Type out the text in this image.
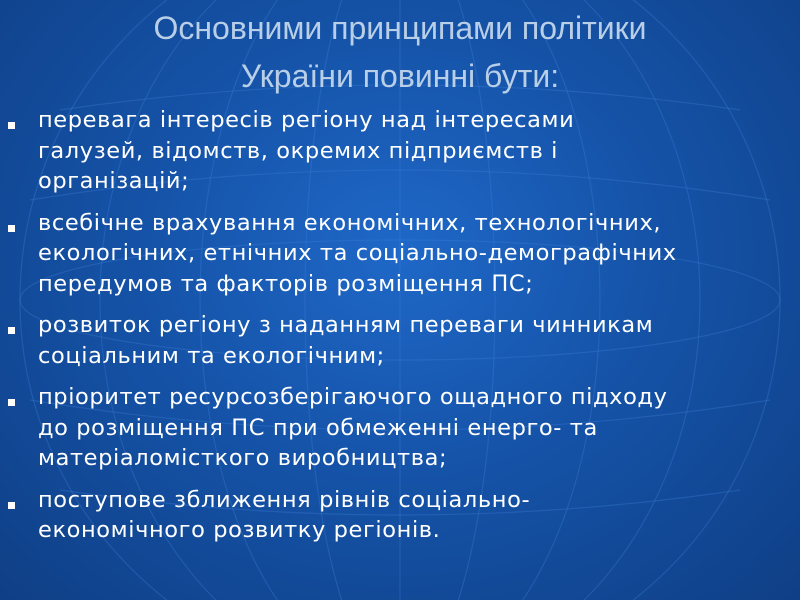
Основними принципами політики
України повинні бути:
перевага інтересів регіону над інтересами
галузей, відомств, окремих підприємств і
організацій;
всебічне врахування економічних, технологічних,
екологічних, етнічних та соціально-демографічних
передумов та факторів розміщення ПС;
розвиток регіону з наданням переваги чинникам
соціальним та екологічним;
пріоритет ресурсозберігаючого ощадного підходу
до розміщення ПС при обмеженні енерго- та
матеріаломісткого виробництва;
поступове зближення рівнів соціально-
економічного розвитку регіонів.
